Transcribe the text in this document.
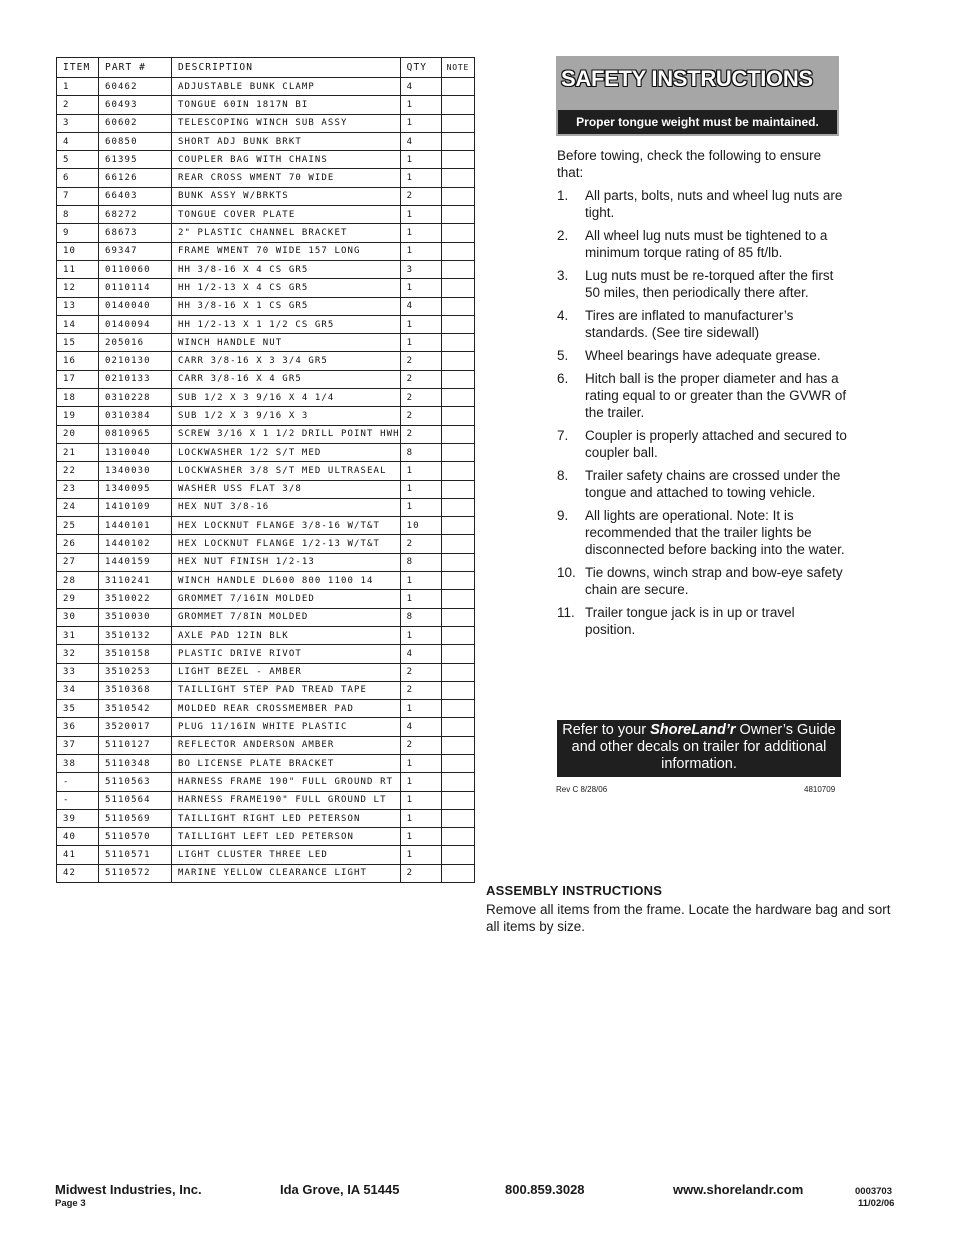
ITEM	PART #	DESCRIPTION	QTY	NOTE
1	60462	ADJUSTABLE BUNK CLAMP	4	
2	60493	TONGUE 60IN 1817N BI	1	
3	60602	TELESCOPING WINCH SUB ASSY	1	
4	60850	SHORT ADJ BUNK BRKT	4	
5	61395	COUPLER BAG WITH CHAINS	1	
6	66126	REAR CROSS WMENT 70 WIDE	1	
7	66403	BUNK ASSY W/BRKTS	2	
8	68272	TONGUE COVER PLATE	1	
9	68673	2" PLASTIC CHANNEL BRACKET	1	
10	69347	FRAME WMENT 70 WIDE 157 LONG	1	
11	0110060	HH 3/8-16 X 4 CS GR5	3	
12	0110114	HH 1/2-13 X 4 CS GR5	1	
13	0140040	HH 3/8-16 X 1 CS GR5	4	
14	0140094	HH 1/2-13 X 1 1/2 CS GR5	1	
15	205016	WINCH HANDLE NUT	1	
16	0210130	CARR 3/8-16 X 3 3/4 GR5	2	
17	0210133	CARR 3/8-16 X 4 GR5	2	
18	0310228	SUB 1/2 X 3 9/16 X 4 1/4	2	
19	0310384	SUB 1/2 X 3 9/16 X 3	2	
20	0810965	SCREW 3/16 X 1 1/2 DRILL POINT HWH	2	
21	1310040	LOCKWASHER 1/2 S/T MED	8	
22	1340030	LOCKWASHER 3/8 S/T MED ULTRASEAL	1	
23	1340095	WASHER USS FLAT 3/8	1	
24	1410109	HEX NUT 3/8-16	1	
25	1440101	HEX LOCKNUT FLANGE 3/8-16 W/T&T	10	
26	1440102	HEX LOCKNUT FLANGE 1/2-13 W/T&T	2	
27	1440159	HEX NUT FINISH 1/2-13	8	
28	3110241	WINCH HANDLE DL600 800 1100 14	1	
29	3510022	GROMMET 7/16IN MOLDED	1	
30	3510030	GROMMET 7/8IN MOLDED	8	
31	3510132	AXLE PAD 12IN BLK	1	
32	3510158	PLASTIC DRIVE RIVOT	4	
33	3510253	LIGHT BEZEL - AMBER	2	
34	3510368	TAILLIGHT STEP PAD TREAD TAPE	2	
35	3510542	MOLDED REAR CROSSMEMBER PAD	1	
36	3520017	PLUG 11/16IN WHITE PLASTIC	4	
37	5110127	REFLECTOR ANDERSON AMBER	2	
38	5110348	BO LICENSE PLATE BRACKET	1	
-	5110563	HARNESS FRAME 190" FULL GROUND RT	1	
-	5110564	HARNESS FRAME190" FULL GROUND LT	1	
39	5110569	TAILLIGHT RIGHT LED PETERSON	1	
40	5110570	TAILLIGHT LEFT LED PETERSON	1	
41	5110571	LIGHT CLUSTER THREE LED	1	
42	5110572	MARINE YELLOW CLEARANCE LIGHT	2	
SAFETY INSTRUCTIONS
Proper tongue weight must be maintained.

Before towing, check the following to ensure that:

1. All parts, bolts, nuts and wheel lug nuts are tight.
2. All wheel lug nuts must be tightened to a minimum torque rating of 85 ft/lb.
3. Lug nuts must be re-torqued after the first 50 miles, then periodically there after.
4. Tires are inflated to manufacturer’s standards. (See tire sidewall)
5. Wheel bearings have adequate grease.
6. Hitch ball is the proper diameter and has a rating equal to or greater than the GVWR of the trailer.
7. Coupler is properly attached and secured to coupler ball.
8. Trailer safety chains are crossed under the tongue and attached to towing vehicle.
9. All lights are operational. Note: It is recommended that the trailer lights be disconnected before backing into the water.
10. Tie downs, winch strap and bow-eye safety chain are secure.
11. Trailer tongue jack is in up or travel position.
Refer to your ShoreLand’r Owner’s Guide and other decals on trailer for additional information.
Rev C 8/28/06	4810709
ASSEMBLY INSTRUCTIONS

Remove all items from the frame. Locate the hardware bag and sort all items by size.

Midwest Industries, Inc.

Page 3

Ida Grove, IA 51445	800.859.3028	www.shorelandr.com	0003703

11/02/06
